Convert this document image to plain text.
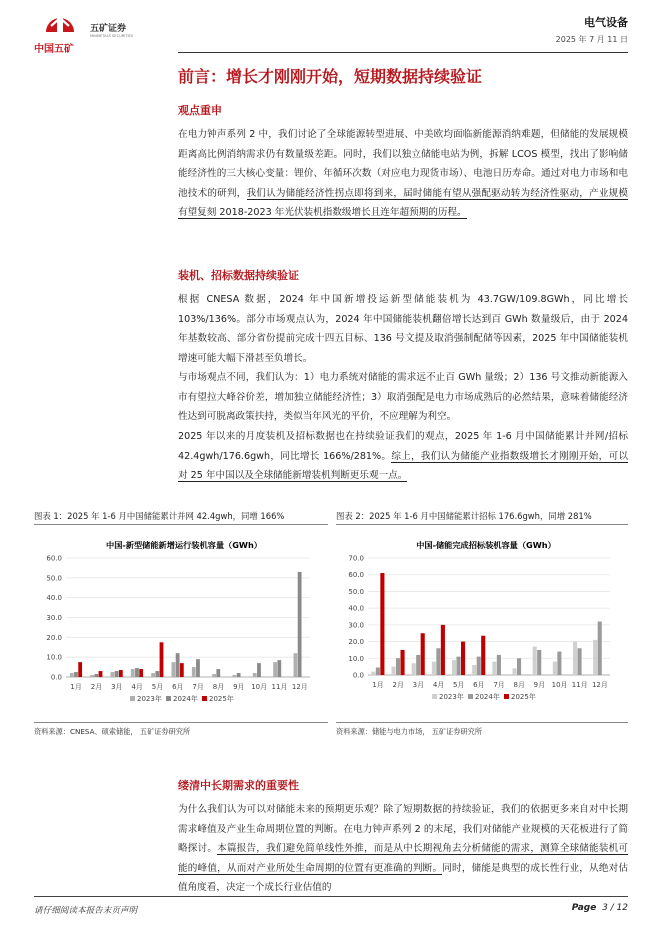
中国五矿
五矿证券
MINMETALS SECURITIES
电气设备
2025 年 7 月 11 日
前言：增长才刚刚开始，短期数据持续验证
观点重申

在电力钟声系列 2 中，我们讨论了全球能源转型进展、中美欧均面临新能源消纳难题，但储能的发展规模距离高比例消纳需求仍有数量级差距。同时，我们以独立储能电站为例，拆解 LCOS 模型，找出了影响储能经济性的三大核心变量：锂价、年循环次数（对应电力现货市场）、电池日历寿命。通过对电力市场和电池技术的研判，我们认为储能经济性拐点即将到来，届时储能有望从强配驱动转为经济性驱动，产业规模有望复刻 2018-2023 年光伏装机指数级增长且连年超预期的历程。

装机、招标数据持续验证

根据 CNESA 数据，2024 年中国新增投运新型储能装机为 43.7GW/109.8GWh，同比增长 103%/136%。部分市场观点认为，2024 年中国储能装机翻倍增长达到百 GWh 数量级后，由于 2024 年基数较高、部分省份提前完成十四五目标、136 号文提及取消强制配储等因素，2025 年中国储能装机增速可能大幅下滑甚至负增长。

与市场观点不同，我们认为：1）电力系统对储能的需求远不止百 GWh 量级；2）136 号文推动新能源入市有望拉大峰谷价差，增加独立储能经济性；3）取消强配是电力市场成熟后的必然结果，意味着储能经济性达到可脱离政策扶持，类似当年风光的平价，不应理解为利空。

2025 年以来的月度装机及招标数据也在持续验证我们的观点，2025 年 1-6 月中国储能累计并网/招标 42.4gwh/176.6gwh，同比增长 166%/281%。综上，我们认为储能产业指数级增长才刚刚开始，可以对 25 年中国以及全球储能新增装机判断更乐观一点。

图表 1：2025 年 1-6 月中国储能累计并网 42.4gwh，同增 166%	图表 2：2025 年 1-6 月中国储能累计招标 176.6gwh，同增 281%
中国-新型储能新增运行装机容量（GWh）
0.0
10.0
20.0
30.0
40.0
50.0
60.0
1月 2月 3月 4月 5月 6月 7月 8月 9月 10月 11月 12月
2023年 2024年 2025年
中国-储能完成招标装机容量（GWh）
0.0
10.0
20.0
30.0
40.0
50.0
60.0
70.0
1月 2月 3月 4月 5月 6月 7月 8月 9月 10月 11月 12月
2023年 2024年 2025年
资料来源：CNESA、硕索储能， 五矿证券研究所	资料来源：储能与电力市场， 五矿证券研究所
缕清中长期需求的重要性

为什么我们认为可以对储能未来的预期更乐观？除了短期数据的持续验证，我们的依据更多来自对中长期需求峰值及产业生命周期位置的判断。在电力钟声系列 2 的末尾，我们对储能产业规模的天花板进行了简略探讨。本篇报告，我们避免简单线性外推，而是从中长期视角去分析储能的需求，测算全球储能装机可能的峰值，从而对产业所处生命周期的位置有更准确的判断。同时，储能是典型的成长性行业，从绝对估值角度看，决定一个成长行业估值的

请仔细阅读本报告末页声明	Page 3 / 12
